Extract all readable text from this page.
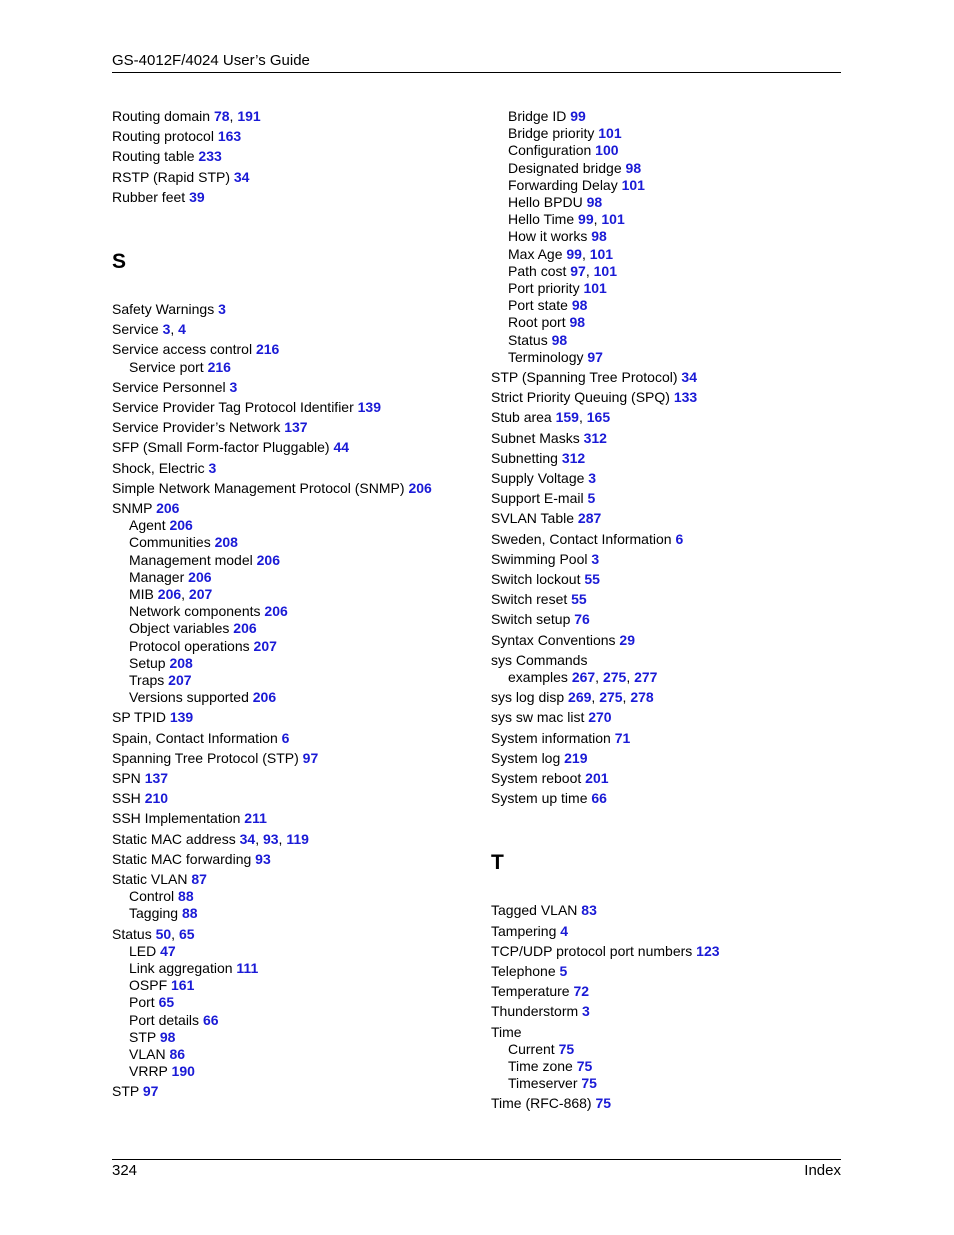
GS-4012F/4024 User’s Guide
Routing domain 78, 191
Routing protocol 163
Routing table 233
RSTP (Rapid STP) 34
Rubber feet 39
S
Safety Warnings 3
Service 3, 4
Service access control 216
Service port 216
Service Personnel 3
Service Provider Tag Protocol Identifier 139
Service Provider’s Network 137
SFP (Small Form-factor Pluggable) 44
Shock, Electric 3
Simple Network Management Protocol (SNMP) 206
SNMP 206
Agent 206
Communities 208
Management model 206
Manager 206
MIB 206, 207
Network components 206
Object variables 206
Protocol operations 207
Setup 208
Traps 207
Versions supported 206
SP TPID 139
Spain, Contact Information 6
Spanning Tree Protocol (STP) 97
SPN 137
SSH 210
SSH Implementation 211
Static MAC address 34, 93, 119
Static MAC forwarding 93
Static VLAN 87
Control 88
Tagging 88
Status 50, 65
LED 47
Link aggregation 111
OSPF 161
Port 65
Port details 66
STP 98
VLAN 86
VRRP 190
STP 97
Bridge ID 99
Bridge priority 101
Configuration 100
Designated bridge 98
Forwarding Delay 101
Hello BPDU 98
Hello Time 99, 101
How it works 98
Max Age 99, 101
Path cost 97, 101
Port priority 101
Port state 98
Root port 98
Status 98
Terminology 97
STP (Spanning Tree Protocol) 34
Strict Priority Queuing (SPQ) 133
Stub area 159, 165
Subnet Masks 312
Subnetting 312
Supply Voltage 3
Support E-mail 5
SVLAN Table 287
Sweden, Contact Information 6
Swimming Pool 3
Switch lockout 55
Switch reset 55
Switch setup 76
Syntax Conventions 29
sys Commands
examples 267, 275, 277
sys log disp 269, 275, 278
sys sw mac list 270
System information 71
System log 219
System reboot 201
System up time 66
T
Tagged VLAN 83
Tampering 4
TCP/UDP protocol port numbers 123
Telephone 5
Temperature 72
Thunderstorm 3
Time
Current 75
Time zone 75
Timeserver 75
Time (RFC-868) 75
324	Index
